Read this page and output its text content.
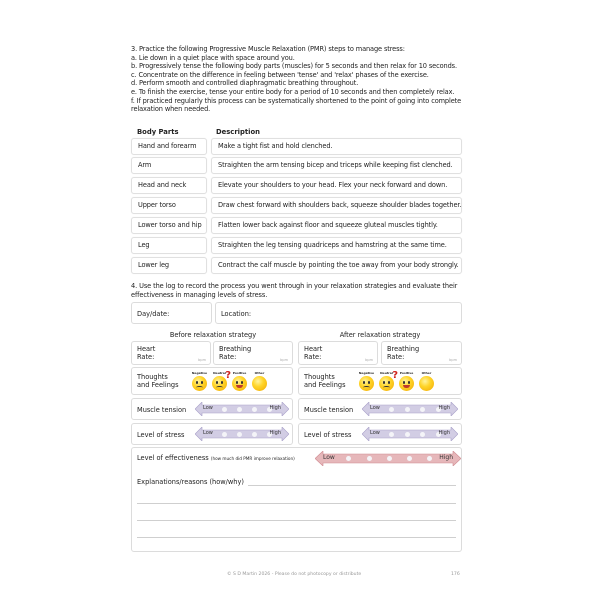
3. Practice the following Progressive Muscle Relaxation (PMR) steps to manage stress:
a. Lie down in a quiet place with space around you.
b. Progressively tense the following body parts (muscles) for 5 seconds and then relax for 10 seconds.
c. Concentrate on the difference in feeling between 'tense' and 'relax' phases of the exercise.
d. Perform smooth and controlled diaphragmatic breathing throughout.
e. To finish the exercise, tense your entire body for a period of 10 seconds and then completely relax.
f. If practiced regularly this process can be systematically shortened to the point of going into complete relaxation when needed.
Body Parts	Description
Hand and forearm	Make a tight fist and hold clenched.
Arm	Straighten the arm tensing bicep and triceps while keeping fist clenched.
Head and neck	Elevate your shoulders to your head. Flex your neck forward and down.
Upper torso	Draw chest forward with shoulders back, squeeze shoulder blades together.
Lower torso and hip	Flatten lower back against floor and squeeze gluteal muscles tightly.
Leg	Straighten the leg tensing quadriceps and hamstring at the same time.
Lower leg	Contract the calf muscle by pointing the toe away from your body strongly.
4. Use the log to record the process you went through in your relaxation strategies and evaluate their effectiveness in managing levels of stress.
Day/date:	Location:
Before relaxation strategy	After relaxation strategy
Heart
Rate:	bpm
Breathing
Rate:	bpm
Thoughts
and Feelings
Negative	Neutral ? Positive	Other
Muscle tension	Low	High
Level of stress	Low	High
Heart
Rate:	bpm
Breathing
Rate:	bpm
Thoughts
and Feelings
Negative	Neutral ? Positive	Other
Muscle tension	Low	High
Level of stress	Low	High
Level of effectiveness (how much did PMR improve relaxation)	Low	High
Explanations/reasons (how/why)
© S D Martin 2026 - Please do not photocopy or distribute	176
